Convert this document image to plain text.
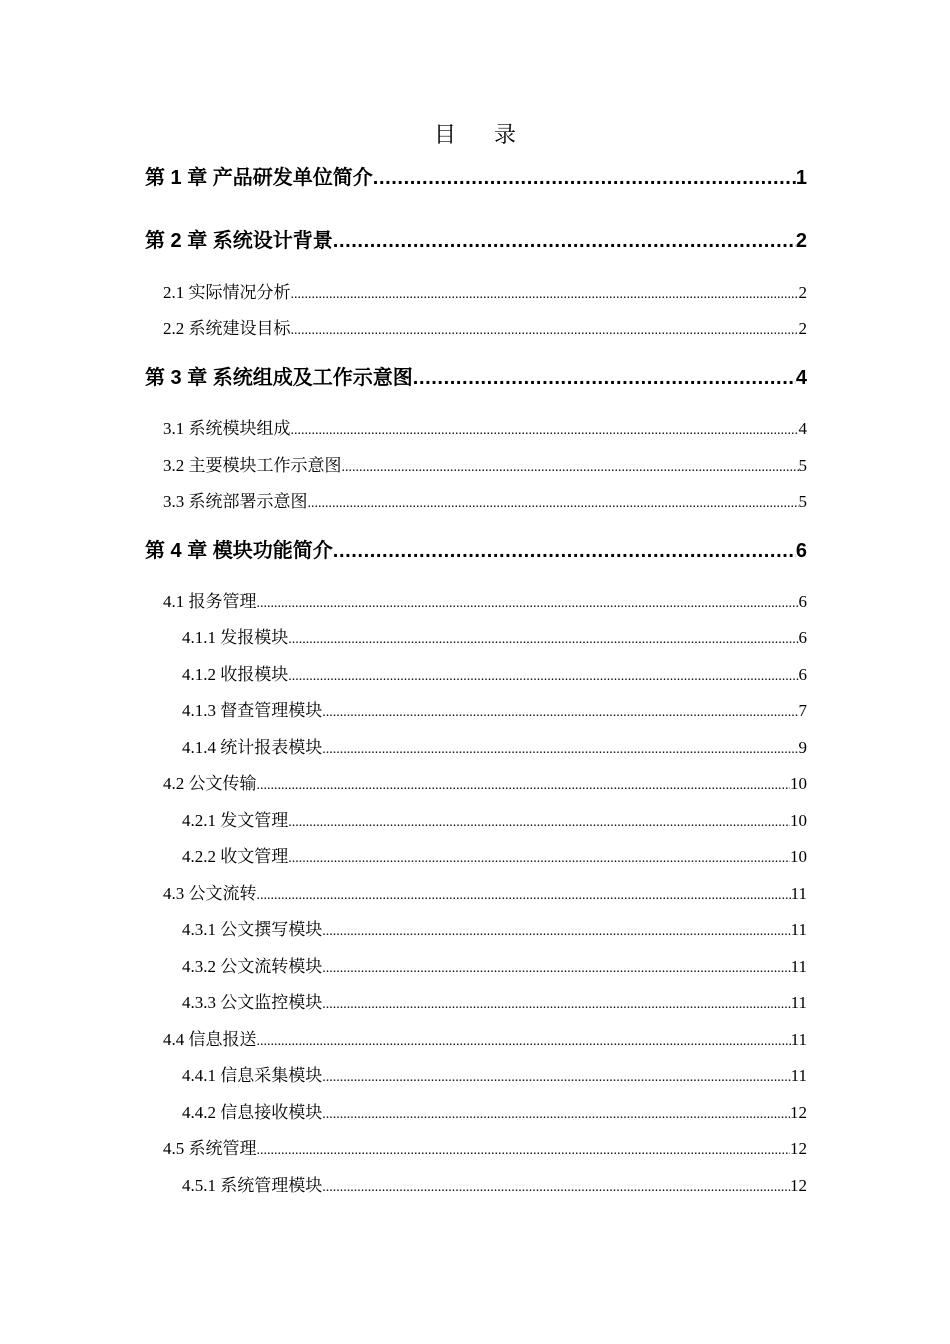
目 录
第 1 章 产品研发单位简介 .....	1
第 2 章 系统设计背景 .....	2
2.1 实际情况分析 .....	2
2.2 系统建设目标 .....	2
第 3 章 系统组成及工作示意图 .....	4
3.1 系统模块组成 .....	4
3.2 主要模块工作示意图 .....	5
3.3 系统部署示意图 .....	5
第 4 章 模块功能简介 .....	6
4.1 报务管理 .....	6
4.1.1 发报模块 .....	6
4.1.2 收报模块 .....	6
4.1.3 督查管理模块 .....	7
4.1.4 统计报表模块 .....	9
4.2 公文传输 .....	10
4.2.1 发文管理 .....	10
4.2.2 收文管理 .....	10
4.3 公文流转 .....	11
4.3.1 公文撰写模块 .....	11
4.3.2 公文流转模块 .....	11
4.3.3 公文监控模块 .....	11
4.4 信息报送 .....	11
4.4.1 信息采集模块 .....	11
4.4.2 信息接收模块 .....	12
4.5 系统管理 .....	12
4.5.1 系统管理模块 .....	12
